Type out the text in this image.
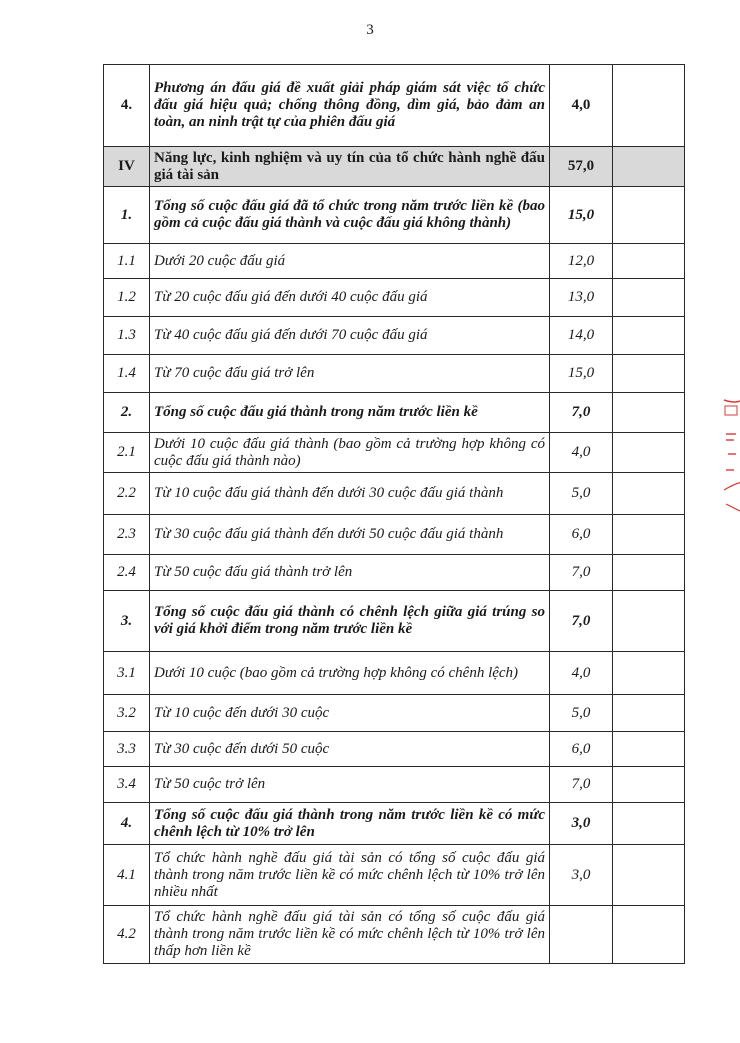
3
4.	Phương án đấu giá đề xuất giải pháp giám sát việc tổ chức đấu giá hiệu quả; chống thông đồng, dìm giá, bảo đảm an toàn, an ninh trật tự của phiên đấu giá	4,0	
IV	Năng lực, kinh nghiệm và uy tín của tổ chức hành nghề đấu giá tài sản	57,0	
1.	Tổng số cuộc đấu giá đã tổ chức trong năm trước liền kề (bao gồm cả cuộc đấu giá thành và cuộc đấu giá không thành)	15,0	
1.1	Dưới 20 cuộc đấu giá	12,0	
1.2	Từ 20 cuộc đấu giá đến dưới 40 cuộc đấu giá	13,0	
1.3	Từ 40 cuộc đấu giá đến dưới 70 cuộc đấu giá	14,0	
1.4	Từ 70 cuộc đấu giá trở lên	15,0	
2.	Tổng số cuộc đấu giá thành trong năm trước liền kề	7,0	
2.1	Dưới 10 cuộc đấu giá thành (bao gồm cả trường hợp không có cuộc đấu giá thành nào)	4,0	
2.2	Từ 10 cuộc đấu giá thành đến dưới 30 cuộc đấu giá thành	5,0	
2.3	Từ 30 cuộc đấu giá thành đến dưới 50 cuộc đấu giá thành	6,0	
2.4	Từ 50 cuộc đấu giá thành trở lên	7,0	
3.	Tổng số cuộc đấu giá thành có chênh lệch giữa giá trúng so với giá khởi điểm trong năm trước liền kề	7,0	
3.1	Dưới 10 cuộc (bao gồm cả trường hợp không có chênh lệch)	4,0	
3.2	Từ 10 cuộc đến dưới 30 cuộc	5,0	
3.3	Từ 30 cuộc đến dưới 50 cuộc	6,0	
3.4	Từ 50 cuộc trở lên	7,0	
4.	Tổng số cuộc đấu giá thành trong năm trước liền kề có mức chênh lệch từ 10% trở lên	3,0	
4.1	Tổ chức hành nghề đấu giá tài sản có tổng số cuộc đấu giá thành trong năm trước liền kề có mức chênh lệch từ 10% trở lên nhiều nhất	3,0	
4.2	Tổ chức hành nghề đấu giá tài sản có tổng số cuộc đấu giá thành trong năm trước liền kề có mức chênh lệch từ 10% trở lên thấp hơn liền kề		
